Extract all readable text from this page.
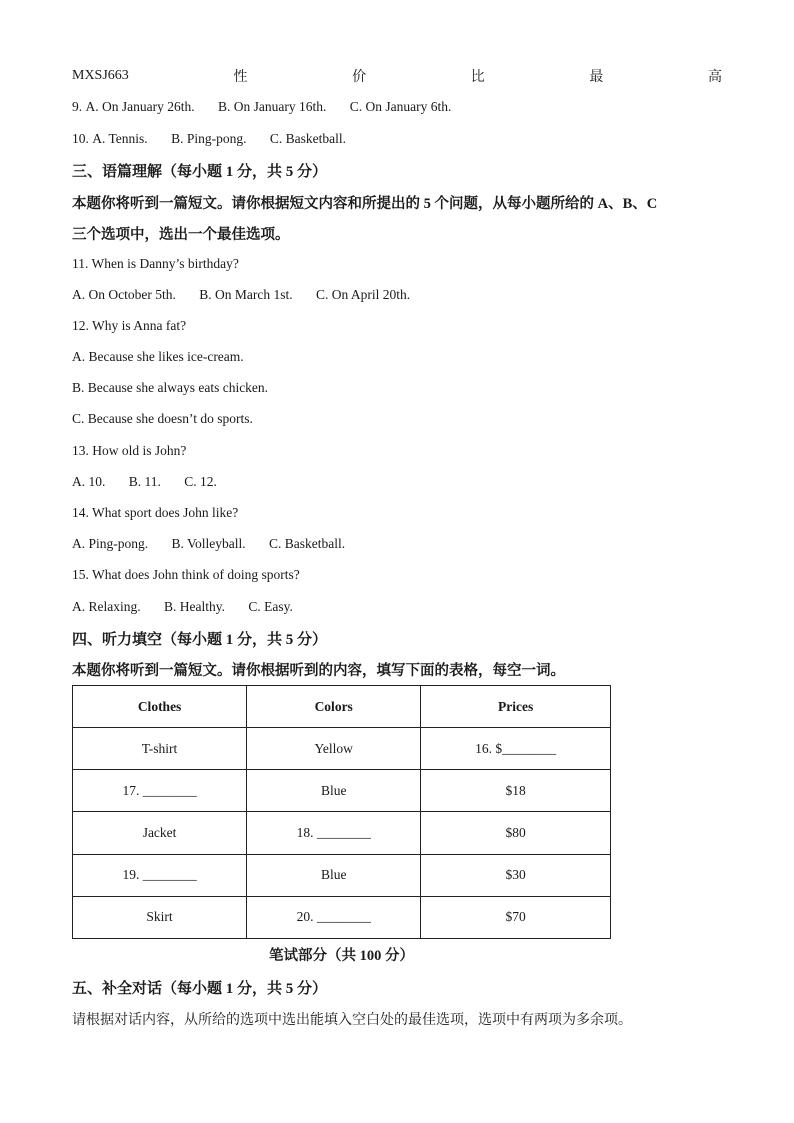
MXSJ663	性	价	比	最	高
9. A. On January 26th. B. On January 16th. C. On January 6th.
10. A. Tennis. B. Ping-pong. C. Basketball.
三、语篇理解（每小题 1 分，共 5 分）
本题你将听到一篇短文。请你根据短文内容和所提出的 5 个问题，从每小题所给的 A、B、C
三个选项中，选出一个最佳选项。
11. When is Danny’s birthday?
A. On October 5th. B. On March 1st. C. On April 20th.
12. Why is Anna fat?
A. Because she likes ice-cream.
B. Because she always eats chicken.
C. Because she doesn’t do sports.
13. How old is John?
A. 10. B. 11. C. 12.
14. What sport does John like?
A. Ping-pong. B. Volleyball. C. Basketball.
15. What does John think of doing sports?
A. Relaxing. B. Healthy. C. Easy.
四、听力填空（每小题 1 分，共 5 分）
本题你将听到一篇短文。请你根据听到的内容，填写下面的表格，每空一词。
Clothes	Colors	Prices
T-shirt	Yellow	16. $________
17. ________	Blue	$18
Jacket	18. ________	$80
19. ________	Blue	$30
Skirt	20. ________	$70
笔试部分（共 100 分）
五、补全对话（每小题 1 分，共 5 分）
请根据对话内容，从所给的选项中选出能填入空白处的最佳选项，选项中有两项为多余项。
